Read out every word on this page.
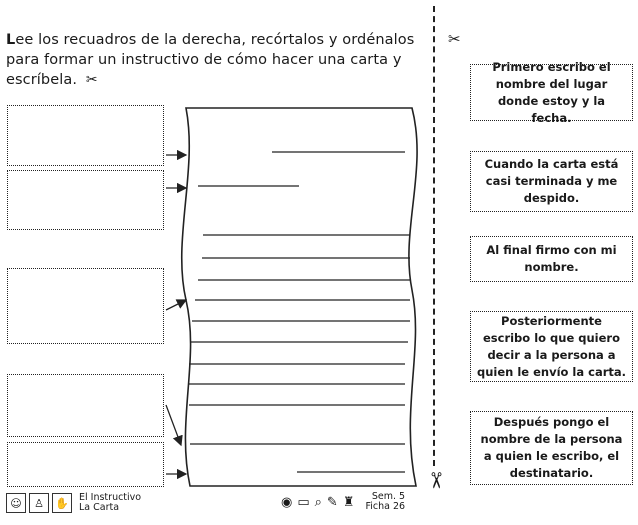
Lee los recuadros de la derecha, recórtalos y ordénalos para formar un instructivo de cómo hacer una carta y escríbela. ✂
✂
Primero escribo el nombre del lugar donde estoy y la fecha.
Cuando la carta está casi terminada y me despido.
Al final firmo con mi nombre.
Posteriormente escribo lo que quiero decir a la persona a quien le envío la carta.
Después pongo el nombre de la persona a quien le escribo, el destinatario.
✂
☺	♙	✋	El Instructivo
La Carta	◉ ▭ ⌕ ✎ ♜	Sem. 5
Ficha 26
